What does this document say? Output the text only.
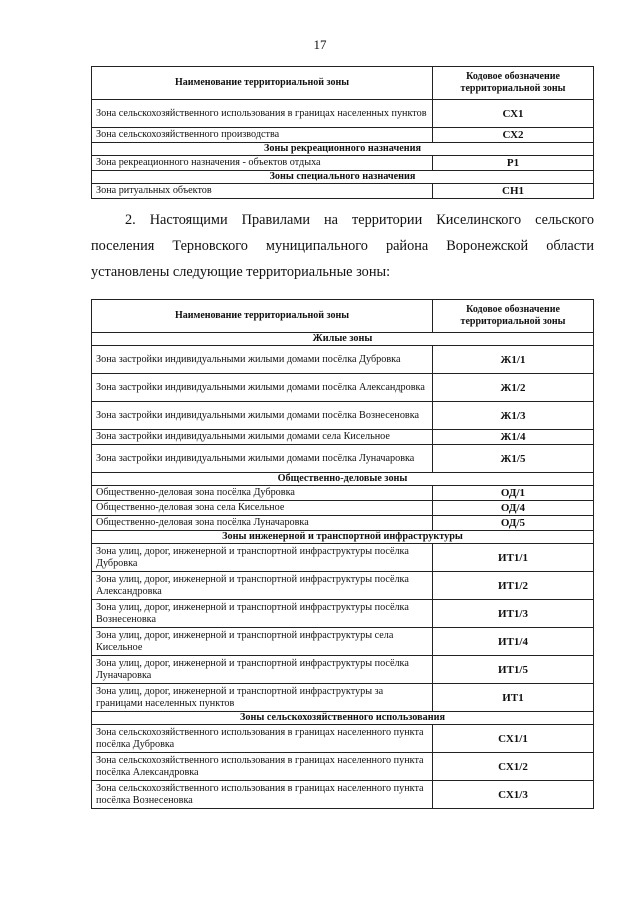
17
Наименование территориальной зоны	Кодовое обозначение территориальной зоны
Зона сельскохозяйственного использования в границах населенных пунктов	СХ1
Зона сельскохозяйственного производства	СХ2
Зоны рекреационного назначения	
Зона рекреационного назначения - объектов отдыха	Р1
Зоны специального назначения	
Зона ритуальных объектов	СН1
2. Настоящими Правилами на территории Киселинского сельского
поселения Терновского муниципального района Воронежской области
установлены следующие территориальные зоны:
Наименование территориальной зоны	Кодовое обозначение территориальной зоны
Жилые зоны	
Зона застройки индивидуальными жилыми домами посёлка Дубровка	Ж1/1
Зона застройки индивидуальными жилыми домами посёлка Александровка	Ж1/2
Зона застройки индивидуальными жилыми домами посёлка Вознесеновка	Ж1/3
Зона застройки индивидуальными жилыми домами села Кисельное	Ж1/4
Зона застройки индивидуальными жилыми домами посёлка Луначаровка	Ж1/5
Общественно-деловые зоны	
Общественно-деловая зона посёлка Дубровка	ОД/1
Общественно-деловая зона села Кисельное	ОД/4
Общественно-деловая зона посёлка Луначаровка	ОД/5
Зоны инженерной и транспортной инфраструктуры	
Зона улиц, дорог, инженерной и транспортной инфраструктуры посёлка Дубровка	ИТ1/1
Зона улиц, дорог, инженерной и транспортной инфраструктуры посёлка Александровка	ИТ1/2
Зона улиц, дорог, инженерной и транспортной инфраструктуры посёлка Вознесеновка	ИТ1/3
Зона улиц, дорог, инженерной и транспортной инфраструктуры села Кисельное	ИТ1/4
Зона улиц, дорог, инженерной и транспортной инфраструктуры посёлка Луначаровка	ИТ1/5
Зона улиц, дорог, инженерной и транспортной инфраструктуры за границами населенных пунктов	ИТ1
Зоны сельскохозяйственного использования	
Зона сельскохозяйственного использования в границах населенного пункта посёлка Дубровка	СХ1/1
Зона сельскохозяйственного использования в границах населенного пункта посёлка Александровка	СХ1/2
Зона сельскохозяйственного использования в границах населенного пункта посёлка Вознесеновка	СХ1/3
